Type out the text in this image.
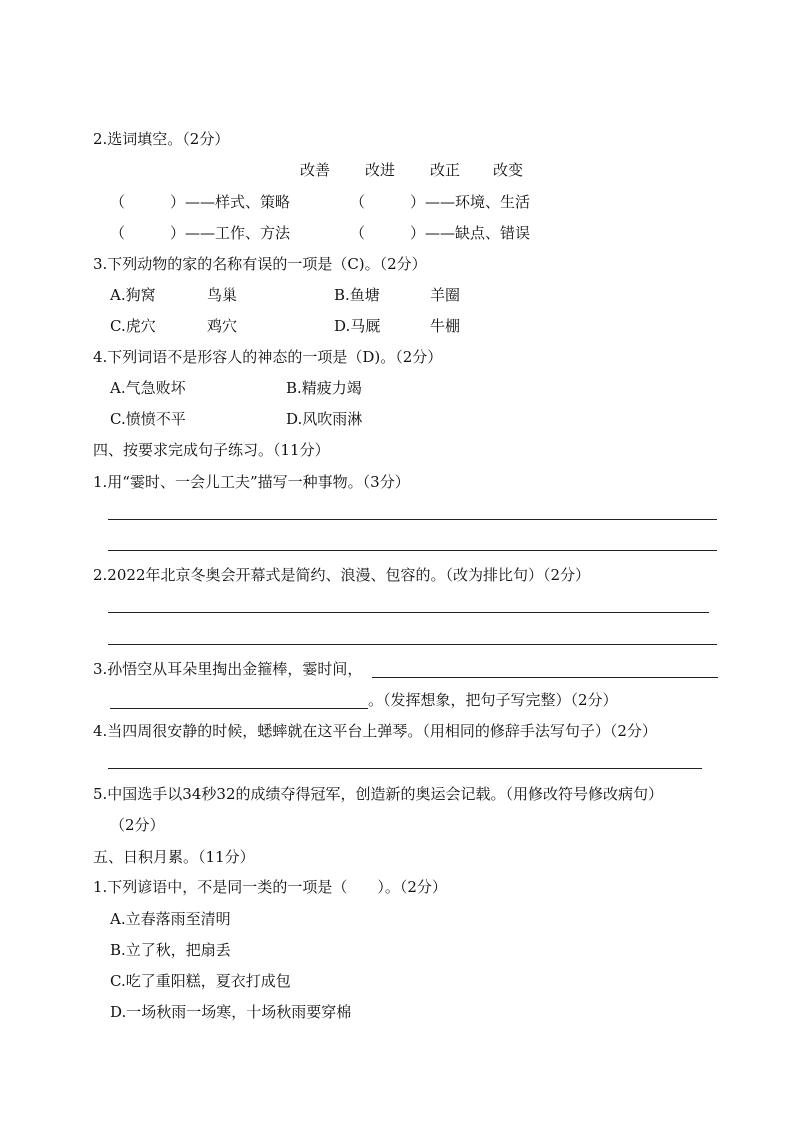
2.选词填空。（2分）
改善 改进 改正 改变
（　　　）——样式、策略	（　　　）——环境、生活
（　　　）——工作、方法	（　　　）——缺点、错误
3.下列动物的家的名称有误的一项是（C)。（2分）
A.狗窝	鸟巢	B.鱼塘	羊圈
C.虎穴	鸡穴	D.马厩	牛棚
4.下列词语不是形容人的神态的一项是（D)。（2分）
A.气急败坏	B.精疲力竭
C.愤愤不平	D.风吹雨淋
四、按要求完成句子练习。（11分）
1.用“霎时、一会儿工夫”描写一种事物。（3分）
2.2022年北京冬奥会开幕式是简约、浪漫、包容的。（改为排比句）（2分）
3.孙悟空从耳朵里掏出金箍棒，霎时间，
。（发挥想象，把句子写完整）（2分）
4.当四周很安静的时候，蟋蟀就在这平台上弹琴。（用相同的修辞手法写句子）（2分）
5.中国选手以34秒32的成绩夺得冠军，创造新的奥运会记载。（用修改符号修改病句）
（2分）
五、日积月累。（11分）
1.下列谚语中，不是同一类的一项是（　　）。（2分）
A.立春落雨至清明
B.立了秋，把扇丢
C.吃了重阳糕，夏衣打成包
D.一场秋雨一场寒，十场秋雨要穿棉
